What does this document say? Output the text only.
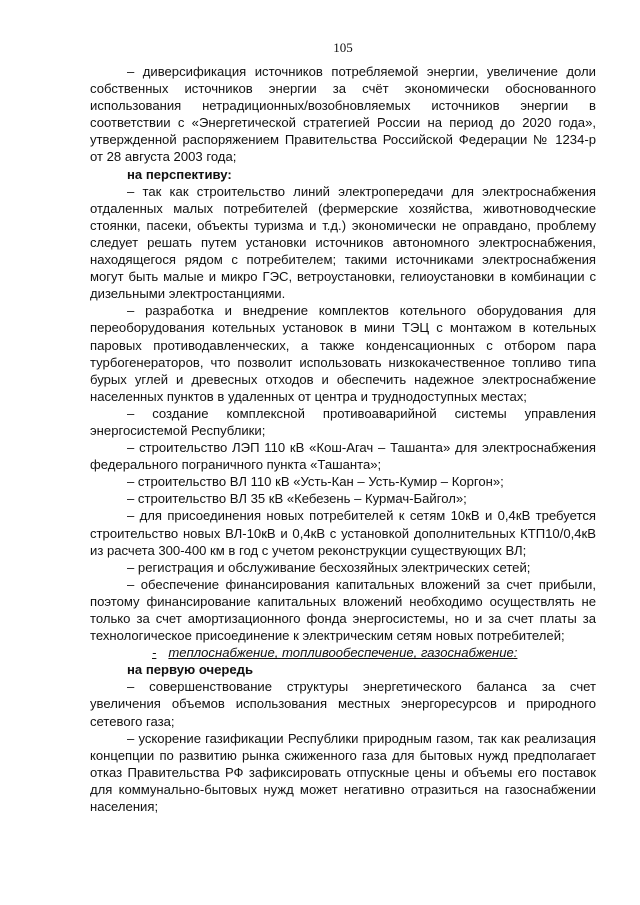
105

– диверсификация источников потребляемой энергии, увеличение доли собственных источников энергии за счёт экономически обоснованного использования нетрадиционных/возобновляемых источников энергии в соответствии с «Энергетической стратегией России на период до 2020 года», утвержденной распоряжением Правительства Российской Федерации № 1234-р от 28 августа 2003 года;

на перспективу:

– так как строительство линий электропередачи для электроснабжения отдаленных малых потребителей (фермерские хозяйства, животноводческие стоянки, пасеки, объекты туризма и т.д.) экономически не оправдано, проблему следует решать путем установки источников автономного электроснабжения, находящегося рядом с потребителем; такими источниками электроснабжения могут быть малые и микро ГЭС, ветроустановки, гелиоустановки в комбинации с дизельными электростанциями.

– разработка и внедрение комплектов котельного оборудования для переоборудования котельных установок в мини ТЭЦ с монтажом в котельных паровых противодавленческих, а также конденсационных с отбором пара турбогенераторов, что позволит использовать низкокачественное топливо типа бурых углей и древесных отходов и обеспечить надежное электроснабжение населенных пунктов в удаленных от центра и труднодоступных местах;

– создание комплексной противоаварийной системы управления энергосистемой Республики;

– строительство ЛЭП 110 кВ «Кош-Агач – Ташанта» для электроснабжения федерального пограничного пункта «Ташанта»;

– строительство ВЛ 110 кВ «Усть-Кан – Усть-Кумир – Коргон»;

– строительство ВЛ 35 кВ «Кебезень – Курмач-Байгол»;

– для присоединения новых потребителей к сетям 10кВ и 0,4кВ требуется строительство новых ВЛ-10кВ и 0,4кВ с установкой дополнительных КТП10/0,4кВ из расчета 300-400 км в год с учетом реконструкции существующих ВЛ;

– регистрация и обслуживание бесхозяйных электрических сетей;

– обеспечение финансирования капитальных вложений за счет прибыли, поэтому финансирование капитальных вложений необходимо осуществлять не только за счет амортизационного фонда энергосистемы, но и за счет платы за технологическое присоединение к электрическим сетям новых потребителей;

- теплоснабжение, топливообеспечение, газоснабжение:

на первую очередь

– совершенствование структуры энергетического баланса за счет увеличения объемов использования местных энергоресурсов и природного сетевого газа;

– ускорение газификации Республики природным газом, так как реализация концепции по развитию рынка сжиженного газа для бытовых нужд предполагает отказ Правительства РФ зафиксировать отпускные цены и объемы его поставок для коммунально-бытовых нужд может негативно отразиться на газоснабжении населения;
